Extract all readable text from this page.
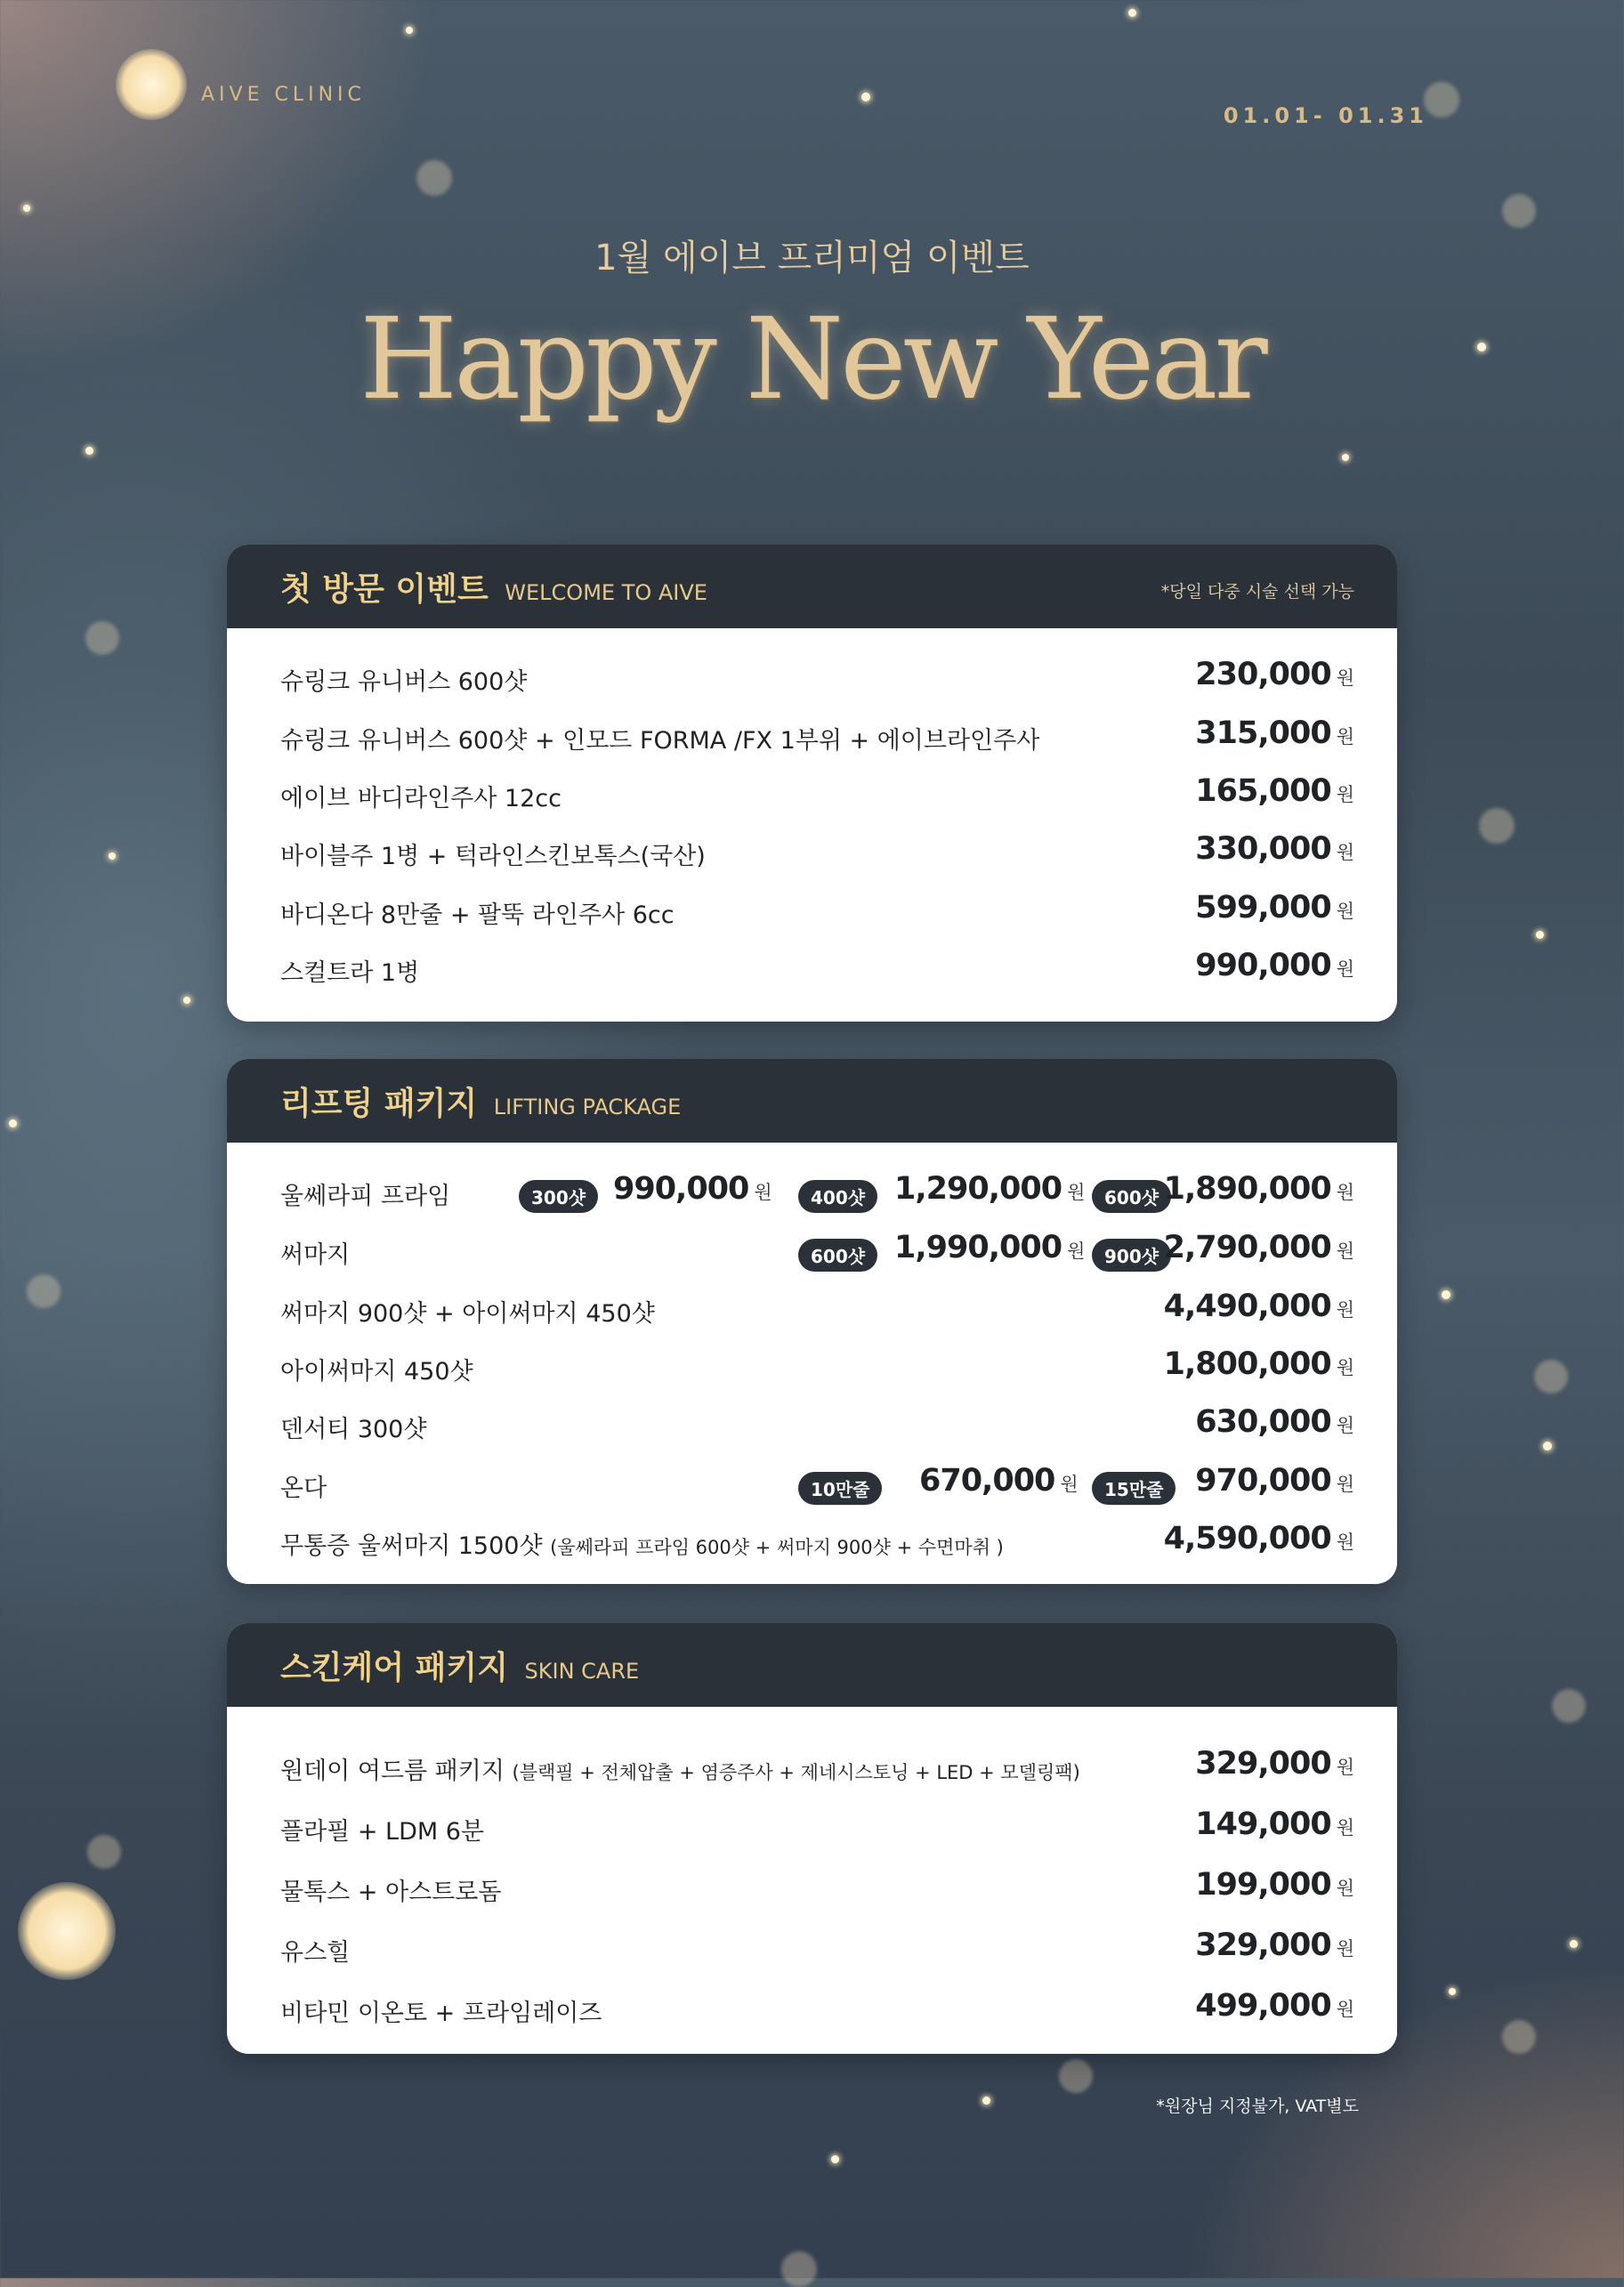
AIVE CLINIC
01.01- 01.31
1월 에이브 프리미엄 이벤트
Happy New Year
첫 방문 이벤트 WELCOME TO AIVE	*당일 다중 시술 선택 가능
슈링크 유니버스 600샷	230,000 원
슈링크 유니버스 600샷 + 인모드 FORMA /FX 1부위 + 에이브라인주사	315,000 원
에이브 바디라인주사 12cc	165,000 원
바이블주 1병 + 턱라인스킨보톡스(국산)	330,000 원
바디온다 8만줄 + 팔뚝 라인주사 6cc	599,000 원
스컬트라 1병	990,000 원
리프팅 패키지 LIFTING PACKAGE
울쎄라피 프라임	300샷 990,000 원	400샷 1,290,000 원	600샷 1,890,000 원
써마지	600샷 1,990,000 원	900샷 2,790,000 원
써마지 900샷 + 아이써마지 450샷	4,490,000 원
아이써마지 450샷	1,800,000 원
덴서티 300샷	630,000 원
온다	10만줄	670,000 원	15만줄	970,000 원
무통증 울써마지 1500샷 (울쎄라피 프라임 600샷 + 써마지 900샷 + 수면마취 )	4,590,000 원
스킨케어 패키지 SKIN CARE
원데이 여드름 패키지 (블랙필 + 전체압출 + 염증주사 + 제네시스토닝 + LED + 모델링팩)	329,000 원
플라필 + LDM 6분	149,000 원
물톡스 + 아스트로돔	199,000 원
유스힐	329,000 원
비타민 이온토 + 프라임레이즈	499,000 원
*원장님 지정불가, VAT별도
